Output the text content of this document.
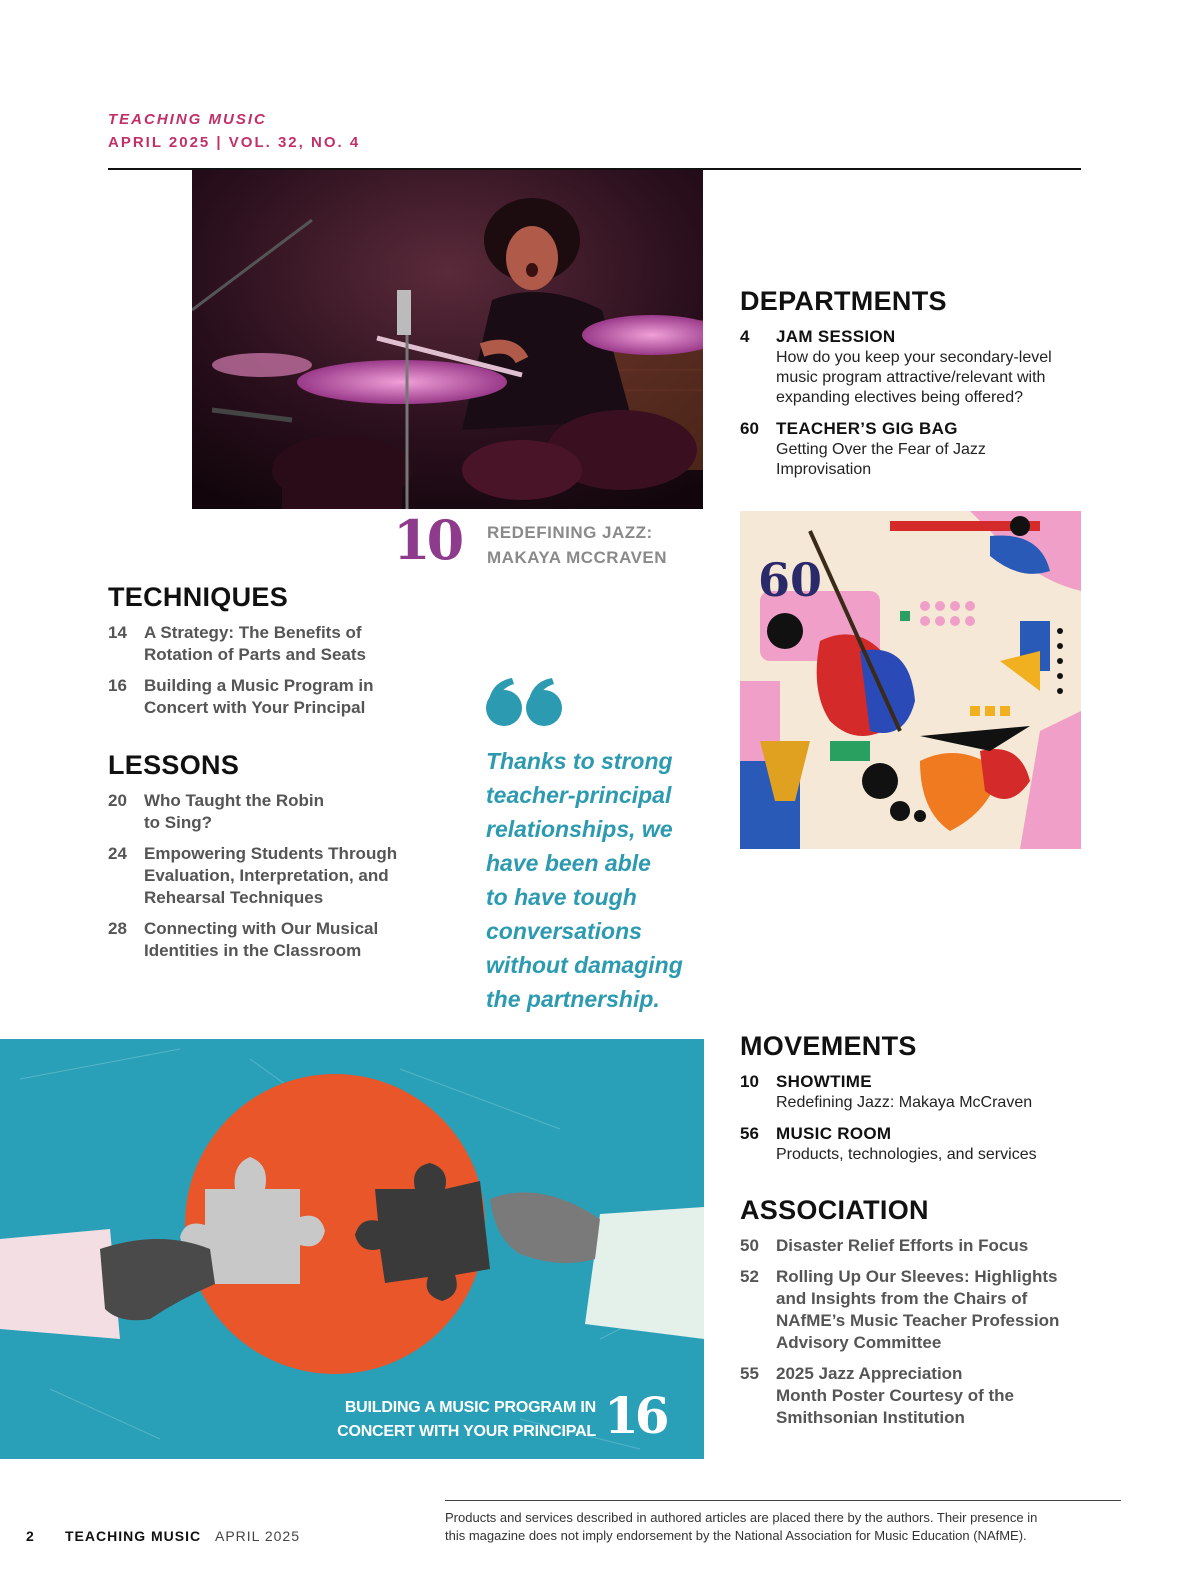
TEACHING MUSIC
APRIL 2025 | VOL. 32, NO. 4
10 REDEFINING JAZZ:
MAKAYA MCCRAVEN
DEPARTMENTS
4	JAM SESSION
How do you keep your secondary-level
music program attractive/relevant with
expanding electives being offered?
60	TEACHER’S GIG BAG
Getting Over the Fear of Jazz
Improvisation
60
TECHNIQUES
14	A Strategy: The Benefits of
Rotation of Parts and Seats
16	Building a Music Program in
Concert with Your Principal
LESSONS
20	Who Taught the Robin
to Sing?
24	Empowering Students Through
Evaluation, Interpretation, and
Rehearsal Techniques
28	Connecting with Our Musical
Identities in the Classroom
Thanks to strong
teacher-principal
relationships, we
have been able
to have tough
conversations
without damaging
the partnership.
BUILDING A MUSIC PROGRAM IN
CONCERT WITH YOUR PRINCIPAL 16
MOVEMENTS
10	SHOWTIME
Redefining Jazz: Makaya McCraven
56	MUSIC ROOM
Products, technologies, and services
ASSOCIATION
50	Disaster Relief Efforts in Focus
52	Rolling Up Our Sleeves: Highlights
and Insights from the Chairs of
NAfME’s Music Teacher Profession
Advisory Committee
55	2025 Jazz Appreciation
Month Poster Courtesy of the
Smithsonian Institution
2 TEACHING MUSIC APRIL 2025
Products and services described in authored articles are placed there by the authors. Their presence in
this magazine does not imply endorsement by the National Association for Music Education (NAfME).
